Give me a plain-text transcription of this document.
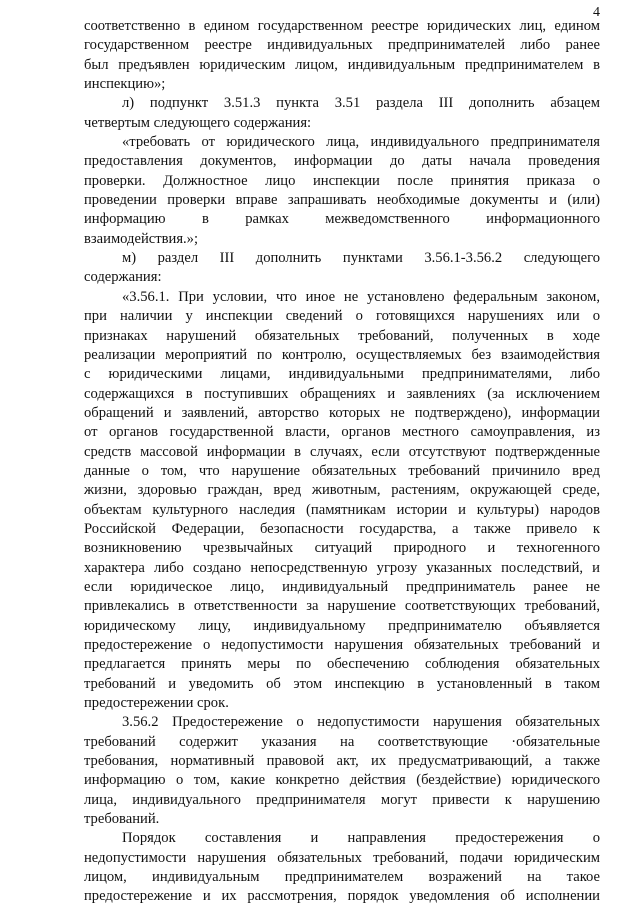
4
соответственно в едином государственном реестре юридических лиц, едином
государственном реестре индивидуальных предпринимателей либо ранее
был предъявлен юридическим лицом, индивидуальным предпринимателем в
инспекцию»;
л) подпункт 3.51.3 пункта 3.51 раздела III дополнить абзацем
четвертым следующего содержания:
«требовать от юридического лица, индивидуального предпринимателя
предоставления документов, информации до даты начала проведения
проверки. Должностное лицо инспекции после принятия приказа о
проведении проверки вправе запрашивать необходимые документы и (или)
информацию в рамках межведомственного информационного
взаимодействия.»;
м) раздел III дополнить пунктами 3.56.1-3.56.2 следующего
содержания:
«3.56.1. При условии, что иное не установлено федеральным законом,
при наличии у инспекции сведений о готовящихся нарушениях или о
признаках нарушений обязательных требований, полученных в ходе
реализации мероприятий по контролю, осуществляемых без взаимодействия
с юридическими лицами, индивидуальными предпринимателями, либо
содержащихся в поступивших обращениях и заявлениях (за исключением
обращений и заявлений, авторство которых не подтверждено), информации
от органов государственной власти, органов местного самоуправления, из
средств массовой информации в случаях, если отсутствуют подтвержденные
данные о том, что нарушение обязательных требований причинило вред
жизни, здоровью граждан, вред животным, растениям, окружающей среде,
объектам культурного наследия (памятникам истории и культуры) народов
Российской Федерации, безопасности государства, а также привело к
возникновению чрезвычайных ситуаций природного и техногенного
характера либо создано непосредственную угрозу указанных последствий, и
если юридическое лицо, индивидуальный предприниматель ранее не
привлекались в ответственности за нарушение соответствующих требований,
юридическому лицу, индивидуальному предпринимателю объявляется
предостережение о недопустимости нарушения обязательных требований и
предлагается принять меры по обеспечению соблюдения обязательных
требований и уведомить об этом инспекцию в установленный в таком
предостережении срок.
3.56.2 Предостережение о недопустимости нарушения обязательных
требований содержит указания на соответствующие ·обязательные
требования, нормативный правовой акт, их предусматривающий, а также
информацию о том, какие конкретно действия (бездействие) юридического
лица, индивидуального предпринимателя могут привести к нарушению
требований.
Порядок составления и направления предостережения о
недопустимости нарушения обязательных требований, подачи юридическим
лицом, индивидуальным предпринимателем возражений на такое
предостережение и их рассмотрения, порядок уведомления об исполнении
